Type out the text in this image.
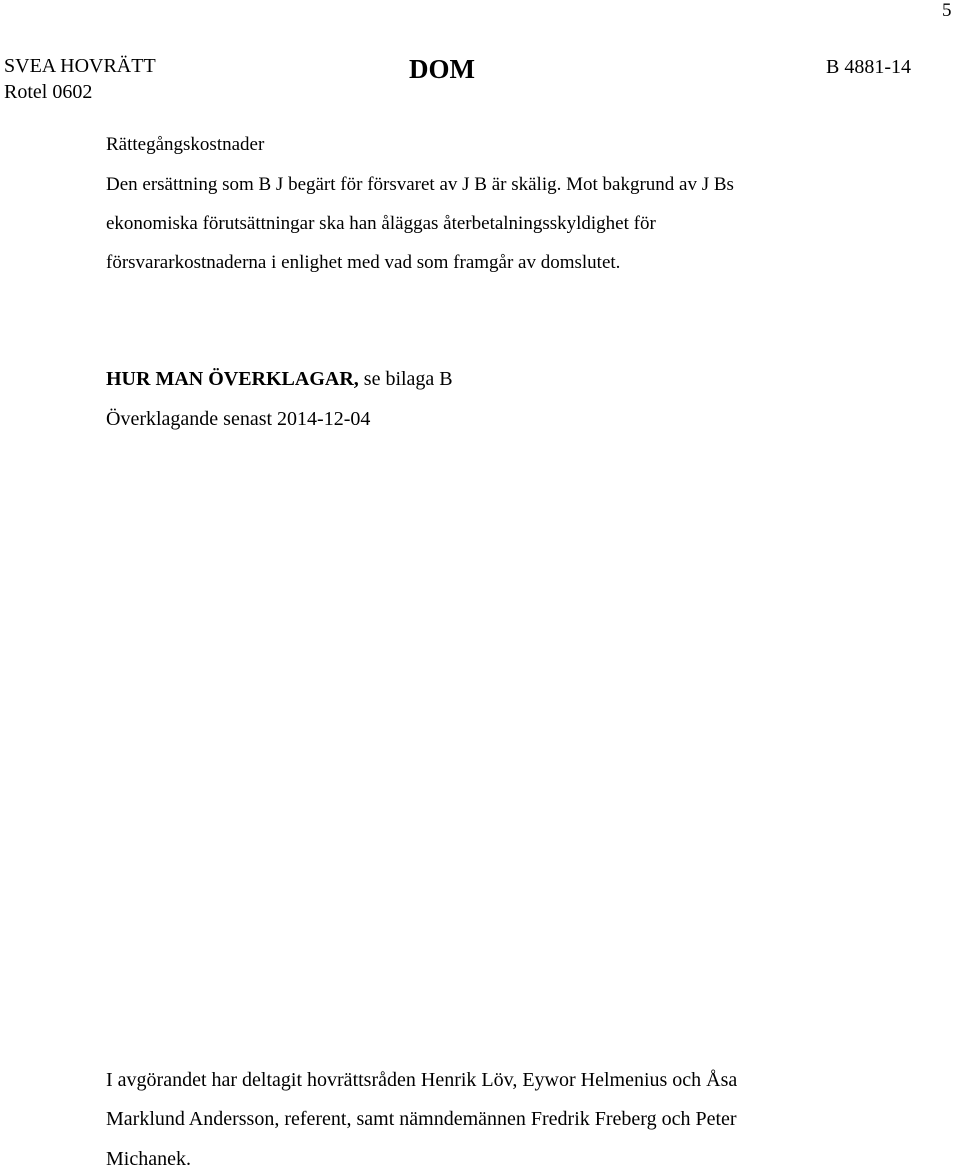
5
SVEA HOVRÄTT
Rotel 0602
DOM	B 4881-14
Rättegångskostnader
Den ersättning som B J begärt för försvaret av J B är skälig. Mot bakgrund av J Bs
ekonomiska förutsättningar ska han åläggas återbetalningsskyldighet för
försvararkostnaderna i enlighet med vad som framgår av domslutet.
HUR MAN ÖVERKLAGAR, se bilaga B
Överklagande senast 2014-12-04
I avgörandet har deltagit hovrättsråden Henrik Löv, Eywor Helmenius och Åsa
Marklund Andersson, referent, samt nämndemännen Fredrik Freberg och Peter
Michanek.
